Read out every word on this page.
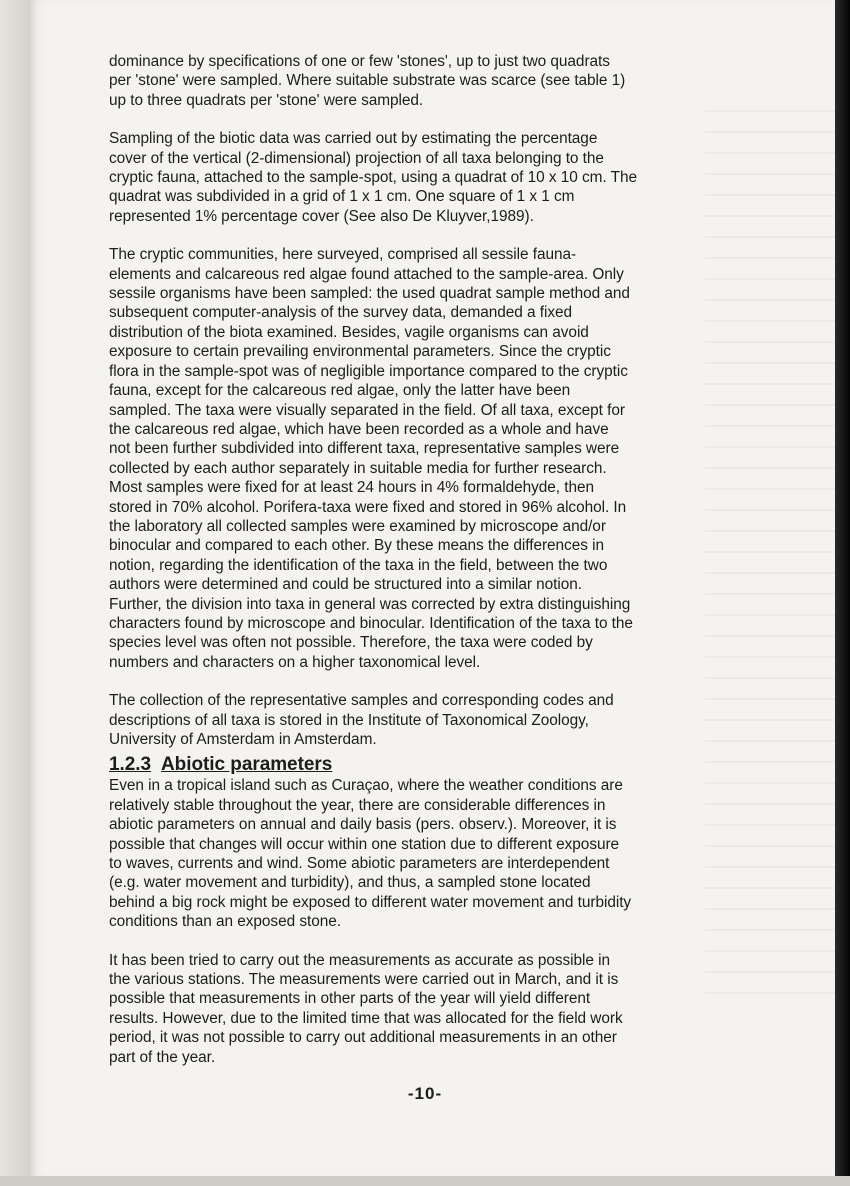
dominance by specifications of one or few 'stones', up to just two quadrats
per 'stone' were sampled. Where suitable substrate was scarce (see table 1)
up to three quadrats per 'stone' were sampled.

Sampling of the biotic data was carried out by estimating the percentage
cover of the vertical (2-dimensional) projection of all taxa belonging to the
cryptic fauna, attached to the sample-spot, using a quadrat of 10 x 10 cm. The
quadrat was subdivided in a grid of 1 x 1 cm. One square of 1 x 1 cm
represented 1% percentage cover (See also De Kluyver,1989).

The cryptic communities, here surveyed, comprised all sessile fauna-
elements and calcareous red algae found attached to the sample-area. Only
sessile organisms have been sampled: the used quadrat sample method and
subsequent computer-analysis of the survey data, demanded a fixed
distribution of the biota examined. Besides, vagile organisms can avoid
exposure to certain prevailing environmental parameters. Since the cryptic
flora in the sample-spot was of negligible importance compared to the cryptic
fauna, except for the calcareous red algae, only the latter have been
sampled. The taxa were visually separated in the field. Of all taxa, except for
the calcareous red algae, which have been recorded as a whole and have
not been further subdivided into different taxa, representative samples were
collected by each author separately in suitable media for further research.
Most samples were fixed for at least 24 hours in 4% formaldehyde, then
stored in 70% alcohol. Porifera-taxa were fixed and stored in 96% alcohol. In
the laboratory all collected samples were examined by microscope and/or
binocular and compared to each other. By these means the differences in
notion, regarding the identification of the taxa in the field, between the two
authors were determined and could be structured into a similar notion.
Further, the division into taxa in general was corrected by extra distinguishing
characters found by microscope and binocular. Identification of the taxa to the
species level was often not possible. Therefore, the taxa were coded by
numbers and characters on a higher taxonomical level.

The collection of the representative samples and corresponding codes and
descriptions of all taxa is stored in the Institute of Taxonomical Zoology,
University of Amsterdam in Amsterdam.

1.2.3 Abiotic parameters

Even in a tropical island such as Curaçao, where the weather conditions are
relatively stable throughout the year, there are considerable differences in
abiotic parameters on annual and daily basis (pers. observ.). Moreover, it is
possible that changes will occur within one station due to different exposure
to waves, currents and wind. Some abiotic parameters are interdependent
(e.g. water movement and turbidity), and thus, a sampled stone located
behind a big rock might be exposed to different water movement and turbidity
conditions than an exposed stone.

It has been tried to carry out the measurements as accurate as possible in
the various stations. The measurements were carried out in March, and it is
possible that measurements in other parts of the year will yield different
results. However, due to the limited time that was allocated for the field work
period, it was not possible to carry out additional measurements in an other
part of the year.

-10-
